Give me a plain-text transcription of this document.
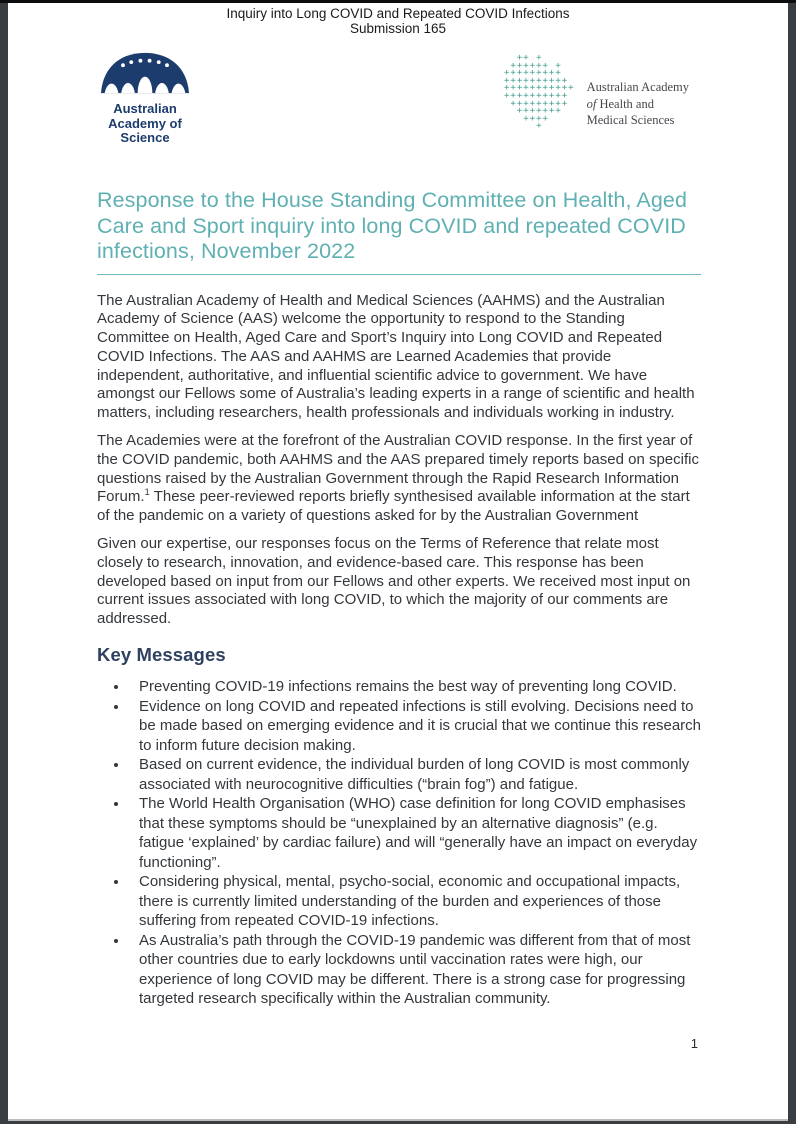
Inquiry into Long COVID and Repeated COVID Infections
Submission 165
Australian
Academy of
Science
++ +
++++++ +
+++++++++
++++++++++
+++++++++++
++++++++++
+++++++++
+++++++
++++
+
Australian Academy
of Health and
Medical Sciences
Response to the House Standing Committee on Health, Aged Care and Sport inquiry into long COVID and repeated COVID infections, November 2022

The Australian Academy of Health and Medical Sciences (AAHMS) and the Australian Academy of Science (AAS) welcome the opportunity to respond to the Standing Committee on Health, Aged Care and Sport’s Inquiry into Long COVID and Repeated COVID Infections. The AAS and AAHMS are Learned Academies that provide independent, authoritative, and influential scientific advice to government. We have amongst our Fellows some of Australia’s leading experts in a range of scientific and health matters, including researchers, health professionals and individuals working in industry.

The Academies were at the forefront of the Australian COVID response. In the first year of the COVID pandemic, both AAHMS and the AAS prepared timely reports based on specific questions raised by the Australian Government through the Rapid Research Information Forum.$^1$ These peer-reviewed reports briefly synthesised available information at the start of the pandemic on a variety of questions asked for by the Australian Government

Given our expertise, our responses focus on the Terms of Reference that relate most closely to research, innovation, and evidence-based care. This response has been developed based on input from our Fellows and other experts. We received most input on current issues associated with long COVID, to which the majority of our comments are addressed.

Key Messages
• Preventing COVID-19 infections remains the best way of preventing long COVID.
• Evidence on long COVID and repeated infections is still evolving. Decisions need to be made based on emerging evidence and it is crucial that we continue this research to inform future decision making.
• Based on current evidence, the individual burden of long COVID is most commonly associated with neurocognitive difficulties (“brain fog”) and fatigue.
• The World Health Organisation (WHO) case definition for long COVID emphasises that these symptoms should be “unexplained by an alternative diagnosis” (e.g. fatigue ‘explained’ by cardiac failure) and will “generally have an impact on everyday functioning”.
• Considering physical, mental, psycho-social, economic and occupational impacts, there is currently limited understanding of the burden and experiences of those suffering from repeated COVID-19 infections.
• As Australia’s path through the COVID-19 pandemic was different from that of most other countries due to early lockdowns until vaccination rates were high, our experience of long COVID may be different. There is a strong case for progressing targeted research specifically within the Australian community.
1
